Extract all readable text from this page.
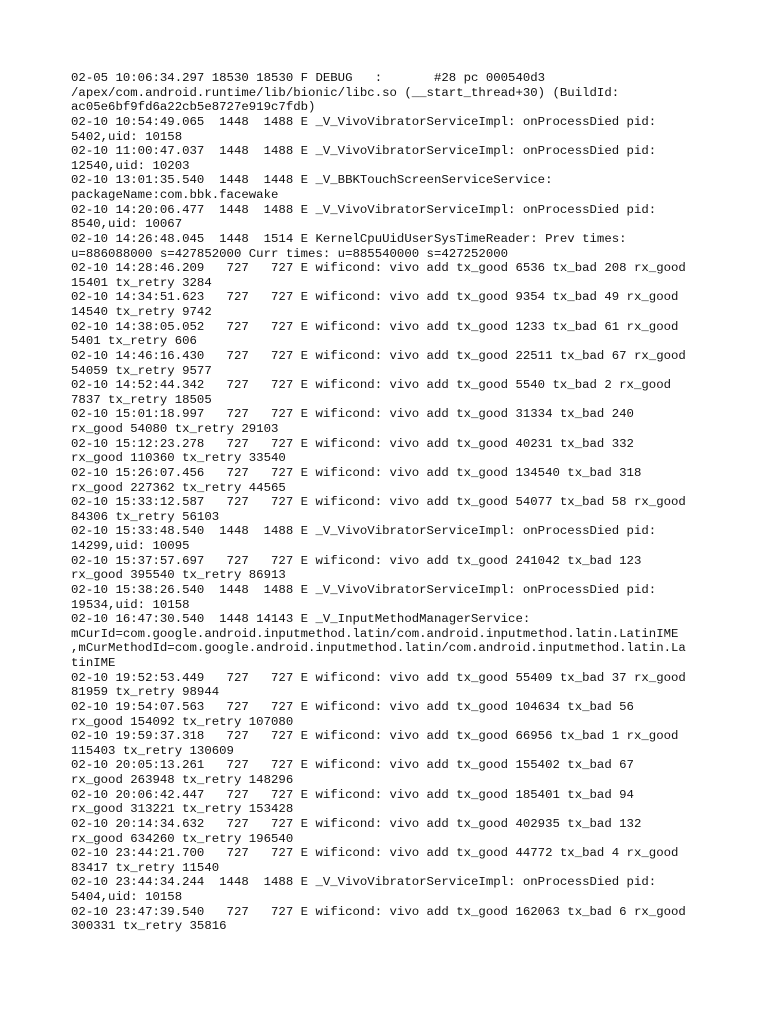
02-05 10:06:34.297 18530 18530 F DEBUG   :       #28 pc 000540d3
/apex/com.android.runtime/lib/bionic/libc.so (__start_thread+30) (BuildId:
ac05e6bf9fd6a22cb5e8727e919c7fdb)
02-10 10:54:49.065  1448  1488 E _V_VivoVibratorServiceImpl: onProcessDied pid:
5402,uid: 10158
02-10 11:00:47.037  1448  1488 E _V_VivoVibratorServiceImpl: onProcessDied pid:
12540,uid: 10203
02-10 13:01:35.540  1448  1448 E _V_BBKTouchScreenServiceService:
packageName:com.bbk.facewake
02-10 14:20:06.477  1448  1488 E _V_VivoVibratorServiceImpl: onProcessDied pid:
8540,uid: 10067
02-10 14:26:48.045  1448  1514 E KernelCpuUidUserSysTimeReader: Prev times:
u=886088000 s=427852000 Curr times: u=885540000 s=427252000
02-10 14:28:46.209   727   727 E wificond: vivo add tx_good 6536 tx_bad 208 rx_good
15401 tx_retry 3284
02-10 14:34:51.623   727   727 E wificond: vivo add tx_good 9354 tx_bad 49 rx_good
14540 tx_retry 9742
02-10 14:38:05.052   727   727 E wificond: vivo add tx_good 1233 tx_bad 61 rx_good
5401 tx_retry 606
02-10 14:46:16.430   727   727 E wificond: vivo add tx_good 22511 tx_bad 67 rx_good
54059 tx_retry 9577
02-10 14:52:44.342   727   727 E wificond: vivo add tx_good 5540 tx_bad 2 rx_good
7837 tx_retry 18505
02-10 15:01:18.997   727   727 E wificond: vivo add tx_good 31334 tx_bad 240
rx_good 54080 tx_retry 29103
02-10 15:12:23.278   727   727 E wificond: vivo add tx_good 40231 tx_bad 332
rx_good 110360 tx_retry 33540
02-10 15:26:07.456   727   727 E wificond: vivo add tx_good 134540 tx_bad 318
rx_good 227362 tx_retry 44565
02-10 15:33:12.587   727   727 E wificond: vivo add tx_good 54077 tx_bad 58 rx_good
84306 tx_retry 56103
02-10 15:33:48.540  1448  1488 E _V_VivoVibratorServiceImpl: onProcessDied pid:
14299,uid: 10095
02-10 15:37:57.697   727   727 E wificond: vivo add tx_good 241042 tx_bad 123
rx_good 395540 tx_retry 86913
02-10 15:38:26.540  1448  1488 E _V_VivoVibratorServiceImpl: onProcessDied pid:
19534,uid: 10158
02-10 16:47:30.540  1448 14143 E _V_InputMethodManagerService:
mCurId=com.google.android.inputmethod.latin/com.android.inputmethod.latin.LatinIME
,mCurMethodId=com.google.android.inputmethod.latin/com.android.inputmethod.latin.La
tinIME
02-10 19:52:53.449   727   727 E wificond: vivo add tx_good 55409 tx_bad 37 rx_good
81959 tx_retry 98944
02-10 19:54:07.563   727   727 E wificond: vivo add tx_good 104634 tx_bad 56
rx_good 154092 tx_retry 107080
02-10 19:59:37.318   727   727 E wificond: vivo add tx_good 66956 tx_bad 1 rx_good
115403 tx_retry 130609
02-10 20:05:13.261   727   727 E wificond: vivo add tx_good 155402 tx_bad 67
rx_good 263948 tx_retry 148296
02-10 20:06:42.447   727   727 E wificond: vivo add tx_good 185401 tx_bad 94
rx_good 313221 tx_retry 153428
02-10 20:14:34.632   727   727 E wificond: vivo add tx_good 402935 tx_bad 132
rx_good 634260 tx_retry 196540
02-10 23:44:21.700   727   727 E wificond: vivo add tx_good 44772 tx_bad 4 rx_good
83417 tx_retry 11540
02-10 23:44:34.244  1448  1488 E _V_VivoVibratorServiceImpl: onProcessDied pid:
5404,uid: 10158
02-10 23:47:39.540   727   727 E wificond: vivo add tx_good 162063 tx_bad 6 rx_good
300331 tx_retry 35816
